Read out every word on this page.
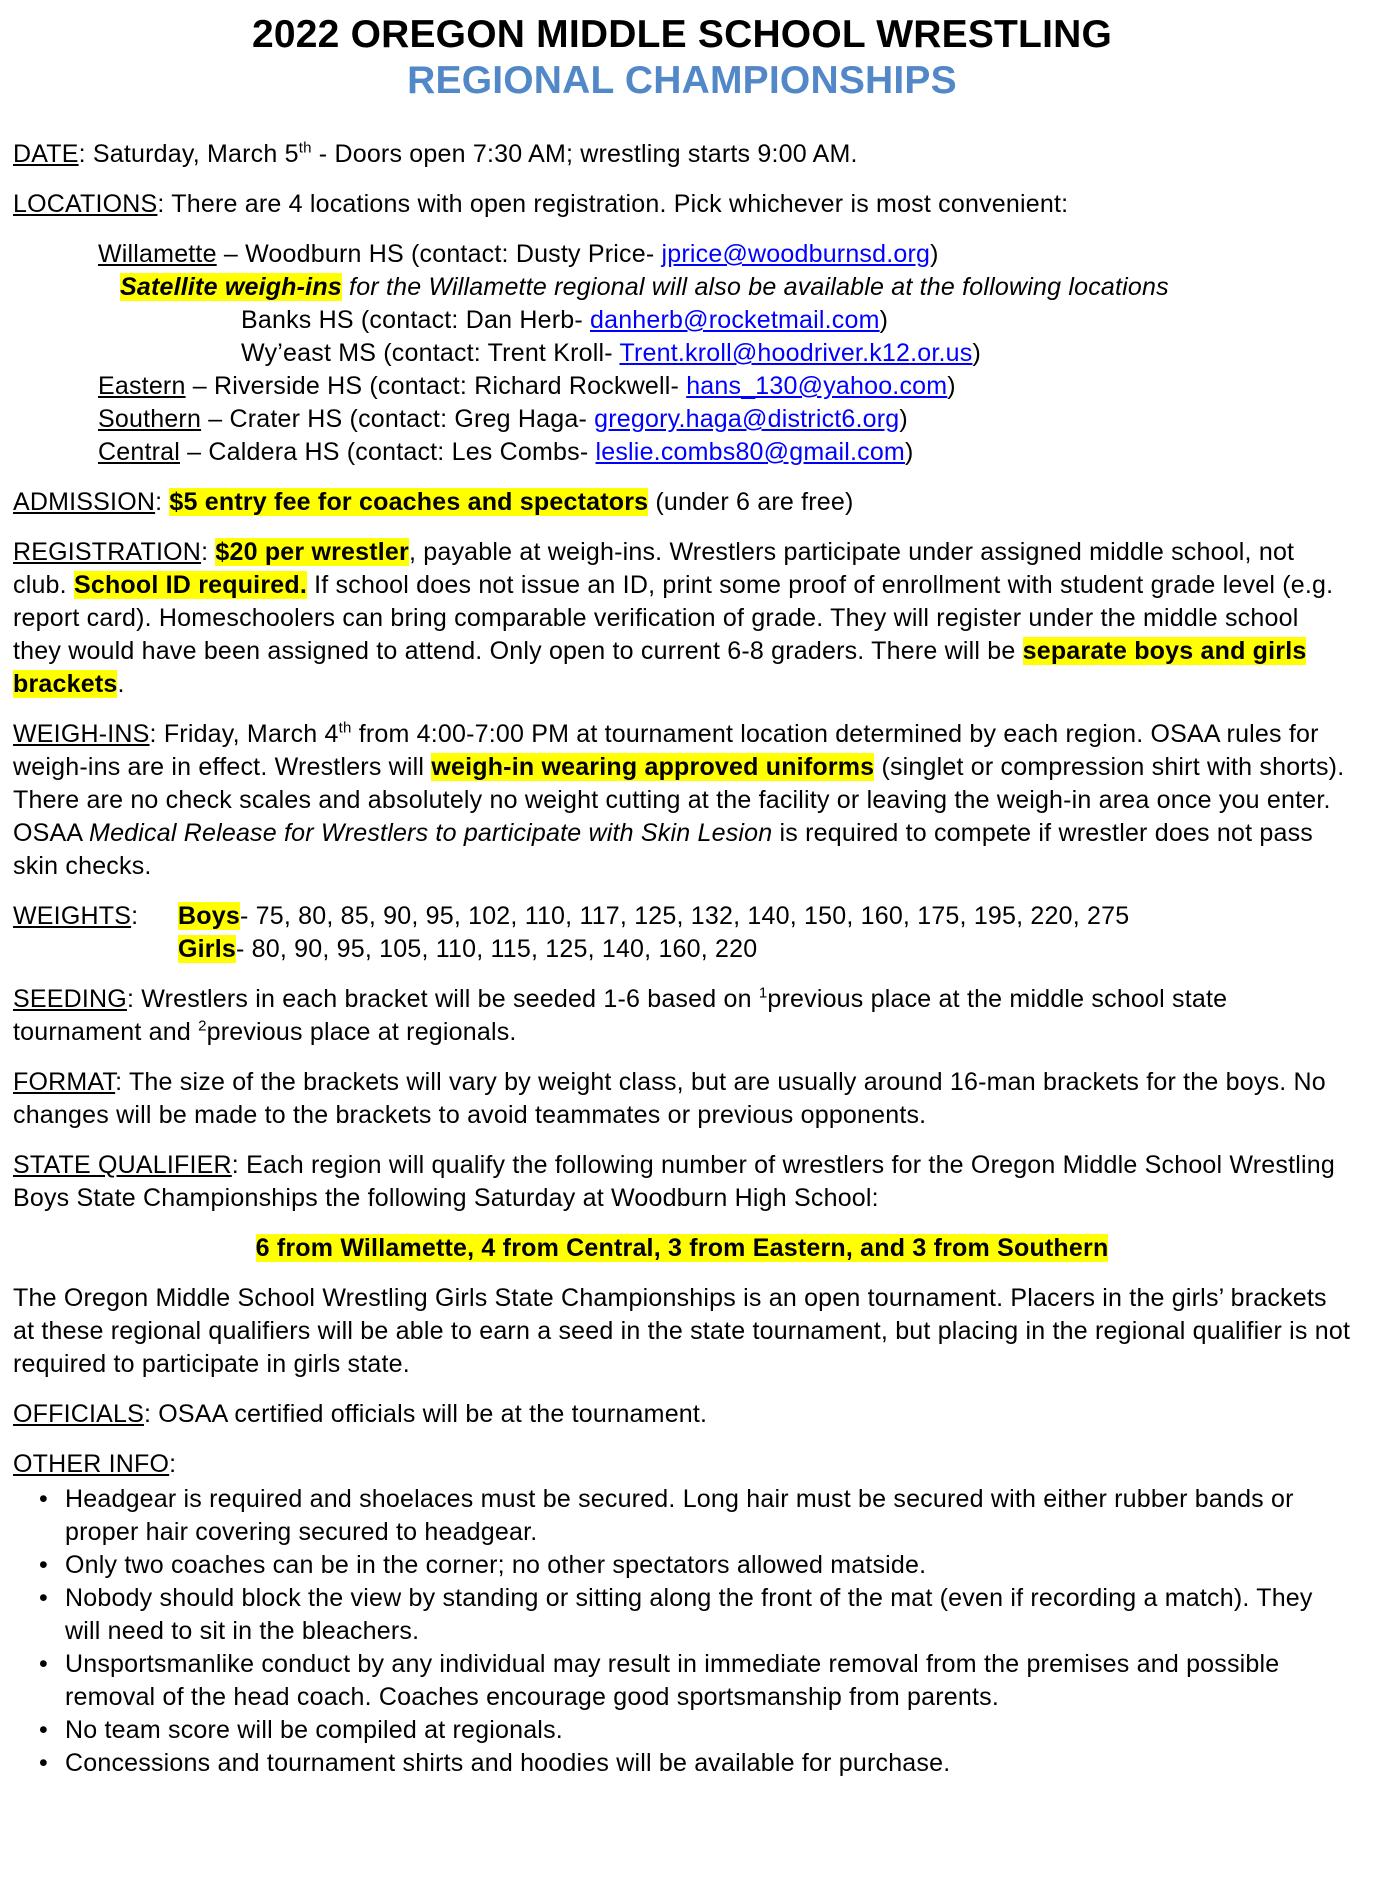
2022 OREGON MIDDLE SCHOOL WRESTLING
REGIONAL CHAMPIONSHIPS

DATE: Saturday, March 5th - Doors open 7:30 AM; wrestling starts 9:00 AM.

LOCATIONS: There are 4 locations with open registration. Pick whichever is most convenient:

Willamette – Woodburn HS (contact: Dusty Price- jprice@woodburnsd.org)

Satellite weigh-ins for the Willamette regional will also be available at the following locations

Banks HS (contact: Dan Herb- danherb@rocketmail.com)

Wy’east MS (contact: Trent Kroll- Trent.kroll@hoodriver.k12.or.us)

Eastern – Riverside HS (contact: Richard Rockwell- hans_130@yahoo.com)

Southern – Crater HS (contact: Greg Haga- gregory.haga@district6.org)

Central – Caldera HS (contact: Les Combs- leslie.combs80@gmail.com)

ADMISSION: $5 entry fee for coaches and spectators (under 6 are free)

REGISTRATION: $20 per wrestler, payable at weigh-ins. Wrestlers participate under assigned middle school, not club. School ID required. If school does not issue an ID, print some proof of enrollment with student grade level (e.g. report card). Homeschoolers can bring comparable verification of grade. They will register under the middle school they would have been assigned to attend. Only open to current 6-8 graders. There will be separate boys and girls brackets.

WEIGH-INS: Friday, March 4th from 4:00-7:00 PM at tournament location determined by each region. OSAA rules for weigh-ins are in effect. Wrestlers will weigh-in wearing approved uniforms (singlet or compression shirt with shorts). There are no check scales and absolutely no weight cutting at the facility or leaving the weigh-in area once you enter. OSAA Medical Release for Wrestlers to participate with Skin Lesion is required to compete if wrestler does not pass skin checks.

WEIGHTS:	Boys- 75, 80, 85, 90, 95, 102, 110, 117, 125, 132, 140, 150, 160, 175, 195, 220, 275
Girls- 80, 90, 95, 105, 110, 115, 125, 140, 160, 220

SEEDING: Wrestlers in each bracket will be seeded 1-6 based on $^1$previous place at the middle school state tournament and $^2$previous place at regionals.

FORMAT: The size of the brackets will vary by weight class, but are usually around 16-man brackets for the boys. No changes will be made to the brackets to avoid teammates or previous opponents.

STATE QUALIFIER: Each region will qualify the following number of wrestlers for the Oregon Middle School Wrestling Boys State Championships the following Saturday at Woodburn High School:

6 from Willamette, 4 from Central, 3 from Eastern, and 3 from Southern

The Oregon Middle School Wrestling Girls State Championships is an open tournament. Placers in the girls’ brackets at these regional qualifiers will be able to earn a seed in the state tournament, but placing in the regional qualifier is not required to participate in girls state.

OFFICIALS: OSAA certified officials will be at the tournament.

OTHER INFO:

• Headgear is required and shoelaces must be secured. Long hair must be secured with either rubber bands or proper hair covering secured to headgear.
• Only two coaches can be in the corner; no other spectators allowed matside.
• Nobody should block the view by standing or sitting along the front of the mat (even if recording a match). They will need to sit in the bleachers.
• Unsportsmanlike conduct by any individual may result in immediate removal from the premises and possible removal of the head coach. Coaches encourage good sportsmanship from parents.
• No team score will be compiled at regionals.
• Concessions and tournament shirts and hoodies will be available for purchase.
